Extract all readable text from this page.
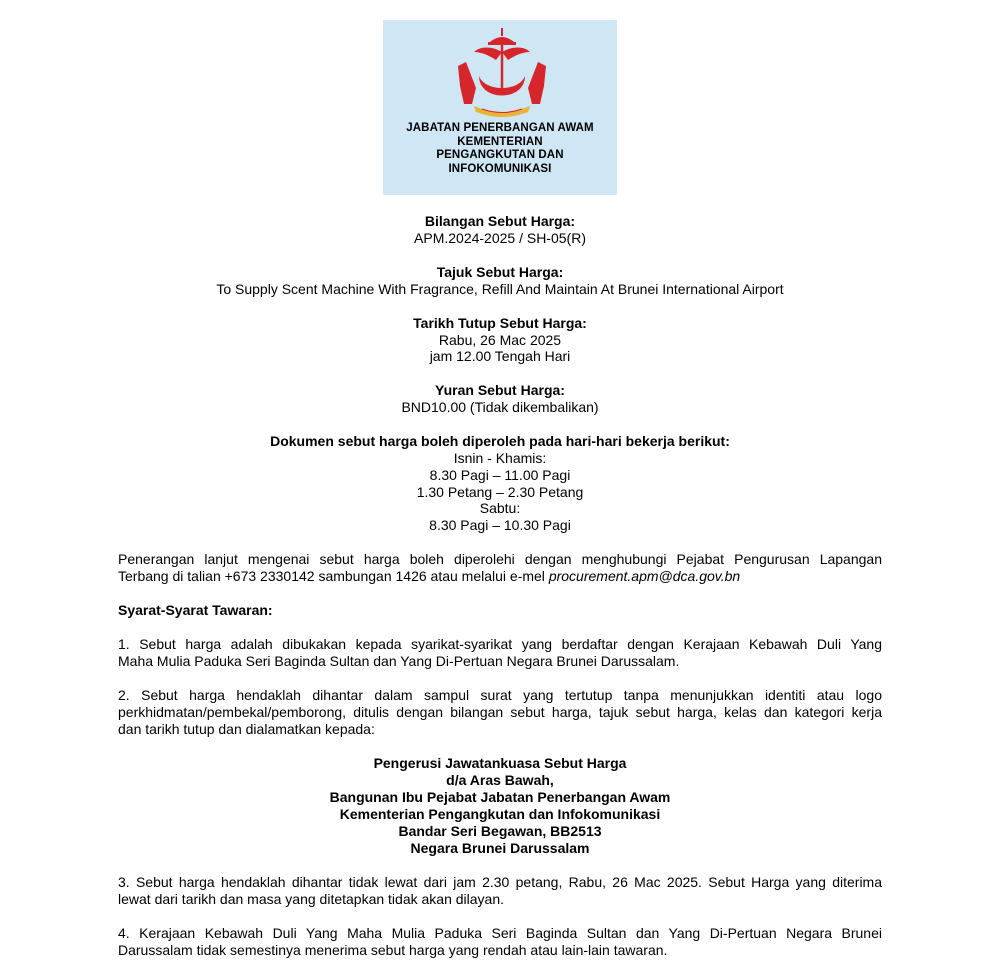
JABATAN PENERBANGAN AWAM
KEMENTERIAN
PENGANGKUTAN DAN
INFOKOMUNIKASI
Bilangan Sebut Harga:
APM.2024-2025 / SH-05(R)
Tajuk Sebut Harga:
To Supply Scent Machine With Fragrance, Refill And Maintain At Brunei International Airport
Tarikh Tutup Sebut Harga:
Rabu, 26 Mac 2025
jam 12.00 Tengah Hari
Yuran Sebut Harga:
BND10.00 (Tidak dikembalikan)
Dokumen sebut harga boleh diperoleh pada hari-hari bekerja berikut:
Isnin - Khamis:
8.30 Pagi – 11.00 Pagi
1.30 Petang – 2.30 Petang
Sabtu:
8.30 Pagi – 10.30 Pagi
Penerangan lanjut mengenai sebut harga boleh diperolehi dengan menghubungi Pejabat Pengurusan Lapangan
Terbang di talian +673 2330142 sambungan 1426 atau melalui e-mel procurement.apm@dca.gov.bn
Syarat-Syarat Tawaran:
1. Sebut harga adalah dibukakan kepada syarikat-syarikat yang berdaftar dengan Kerajaan Kebawah Duli Yang
Maha Mulia Paduka Seri Baginda Sultan dan Yang Di-Pertuan Negara Brunei Darussalam.
2. Sebut harga hendaklah dihantar dalam sampul surat yang tertutup tanpa menunjukkan identiti atau logo
perkhidmatan/pembekal/pemborong, ditulis dengan bilangan sebut harga, tajuk sebut harga, kelas dan kategori kerja
dan tarikh tutup dan dialamatkan kepada:
Pengerusi Jawatankuasa Sebut Harga
d/a Aras Bawah,
Bangunan Ibu Pejabat Jabatan Penerbangan Awam
Kementerian Pengangkutan dan Infokomunikasi
Bandar Seri Begawan, BB2513
Negara Brunei Darussalam
3. Sebut harga hendaklah dihantar tidak lewat dari jam 2.30 petang, Rabu, 26 Mac 2025. Sebut Harga yang diterima
lewat dari tarikh dan masa yang ditetapkan tidak akan dilayan.
4. Kerajaan Kebawah Duli Yang Maha Mulia Paduka Seri Baginda Sultan dan Yang Di-Pertuan Negara Brunei
Darussalam tidak semestinya menerima sebut harga yang rendah atau lain-lain tawaran.
